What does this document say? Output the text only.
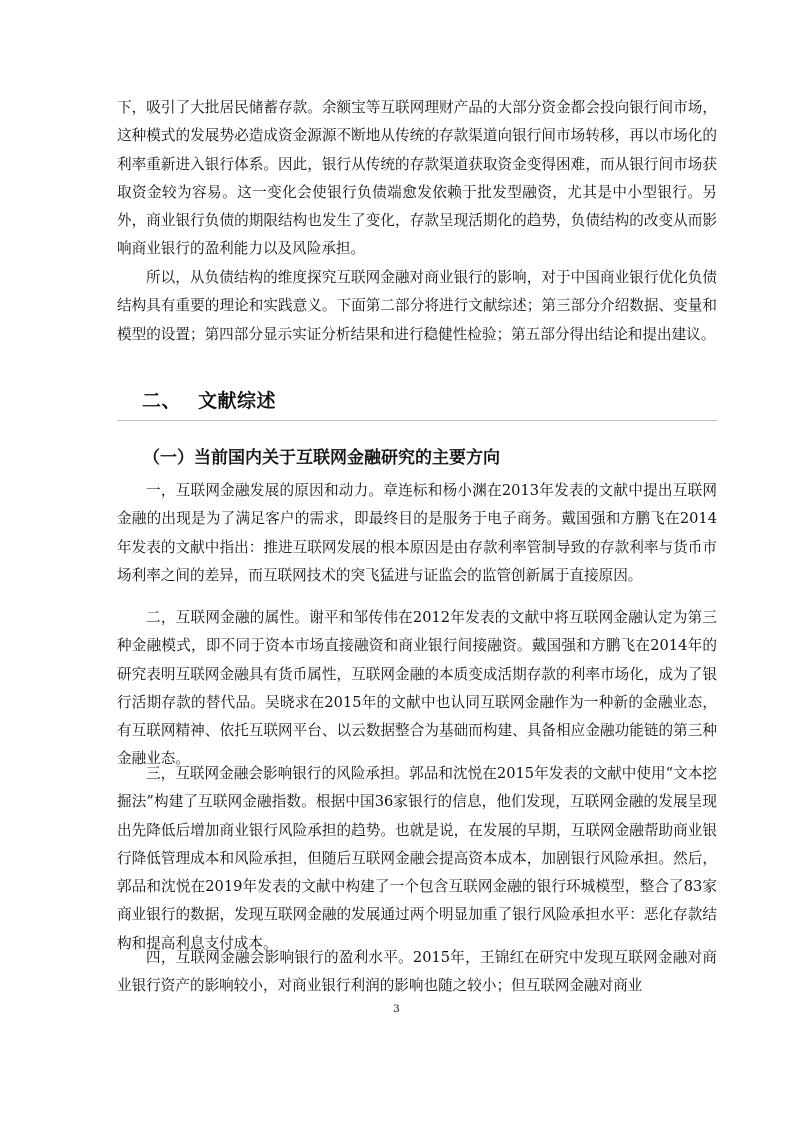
下，吸引了大批居民储蓄存款。余额宝等互联网理财产品的大部分资金都会投向银行间市场，这种模式的发展势必造成资金源源不断地从传统的存款渠道向银行间市场转移，再以市场化的利率重新进入银行体系。因此，银行从传统的存款渠道获取资金变得困难，而从银行间市场获取资金较为容易。这一变化会使银行负债端愈发依赖于批发型融资，尤其是中小型银行。另外，商业银行负债的期限结构也发生了变化，存款呈现活期化的趋势，负债结构的改变从而影响商业银行的盈利能力以及风险承担。

所以，从负债结构的维度探究互联网金融对商业银行的影响，对于中国商业银行优化负债结构具有重要的理论和实践意义。下面第二部分将进行文献综述；第三部分介绍数据、变量和模型的设置；第四部分显示实证分析结果和进行稳健性检验；第五部分得出结论和提出建议。

二、 文献综述
（一）当前国内关于互联网金融研究的主要方向

一，互联网金融发展的原因和动力。章连标和杨小渊在2013年发表的文献中提出互联网金融的出现是为了满足客户的需求，即最终目的是服务于电子商务。戴国强和方鹏飞在2014年发表的文献中指出：推进互联网发展的根本原因是由存款利率管制导致的存款利率与货币市场利率之间的差异，而互联网技术的突飞猛进与证监会的监管创新属于直接原因。

二，互联网金融的属性。谢平和邹传伟在2012年发表的文献中将互联网金融认定为第三种金融模式，即不同于资本市场直接融资和商业银行间接融资。戴国强和方鹏飞在2014年的研究表明互联网金融具有货币属性，互联网金融的本质变成活期存款的利率市场化，成为了银行活期存款的替代品。吴晓求在2015年的文献中也认同互联网金融作为一种新的金融业态，有互联网精神、依托互联网平台、以云数据整合为基础而构建、具备相应金融功能链的第三种金融业态。

三，互联网金融会影响银行的风险承担。郭品和沈悦在2015年发表的文献中使用“文本挖掘法”构建了互联网金融指数。根据中国36家银行的信息，他们发现，互联网金融的发展呈现出先降低后增加商业银行风险承担的趋势。也就是说，在发展的早期，互联网金融帮助商业银行降低管理成本和风险承担，但随后互联网金融会提高资本成本，加剧银行风险承担。然后，郭品和沈悦在2019年发表的文献中构建了一个包含互联网金融的银行环城模型，整合了83家商业银行的数据，发现互联网金融的发展通过两个明显加重了银行风险承担水平：恶化存款结构和提高利息支付成本。

四，互联网金融会影响银行的盈利水平。2015年，王锦红在研究中发现互联网金融对商业银行资产的影响较小，对商业银行利润的影响也随之较小；但互联网金融对商业

3
